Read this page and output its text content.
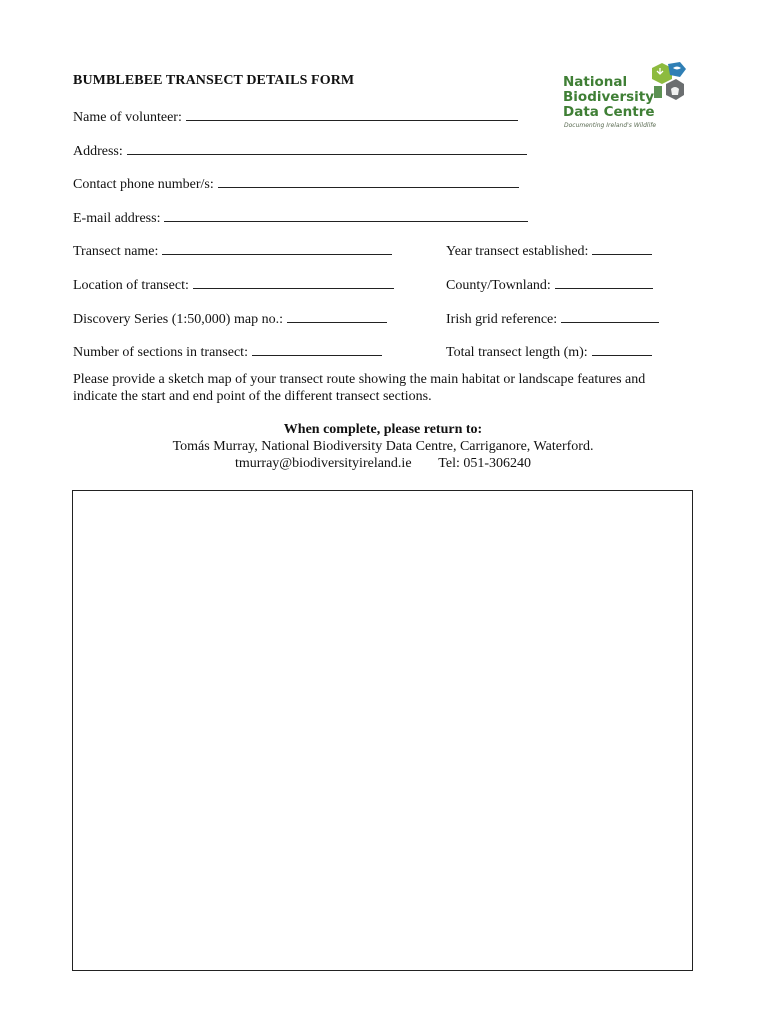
BUMBLEBEE TRANSECT DETAILS FORM	National
Biodiversity
Data Centre
Documenting Ireland's Wildlife
Name of volunteer:
Address:
Contact phone number/s:
E-mail address:
Transect name:	Year transect established:
Location of transect:	County/Townland:
Discovery Series (1:50,000) map no.:	Irish grid reference:
Number of sections in transect:	Total transect length (m):
Please provide a sketch map of your transect route showing the main habitat or landscape features and indicate the start and end point of the different transect sections.
When complete, please return to:
Tomás Murray, National Biodiversity Data Centre, Carriganore, Waterford.
tmurray@biodiversityireland.ie Tel: 051-306240
